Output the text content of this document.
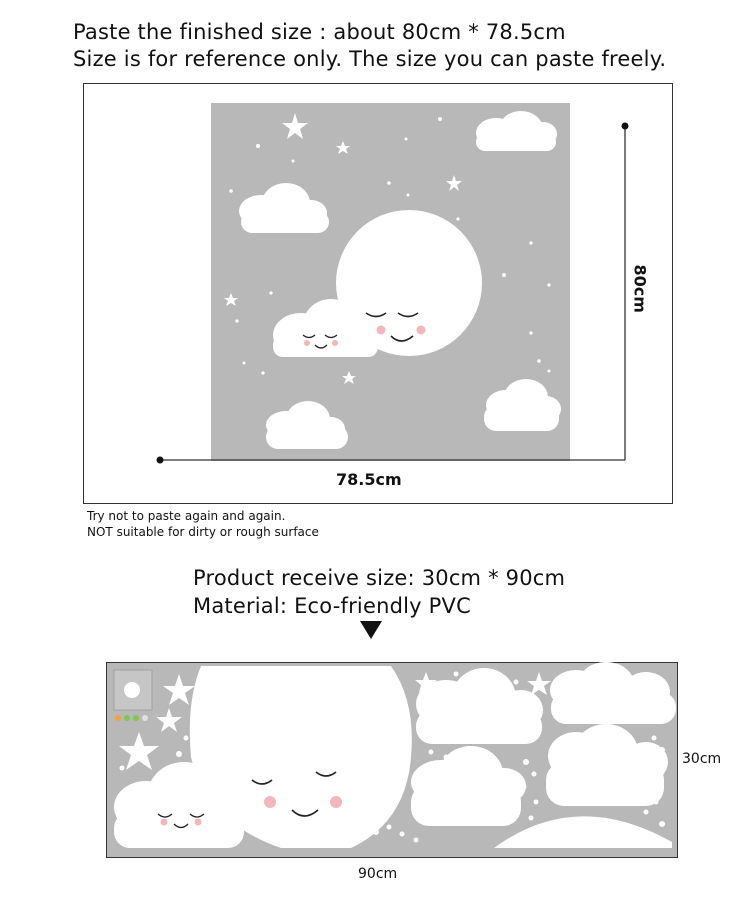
Paste the finished size : about 80cm * 78.5cm
Size is for reference only. The size you can paste freely.
80cm
78.5cm
Try not to paste again and again.
NOT suitable for dirty or rough surface
Product receive size: 30cm * 90cm
Material: Eco-friendly PVC
30cm
90cm
